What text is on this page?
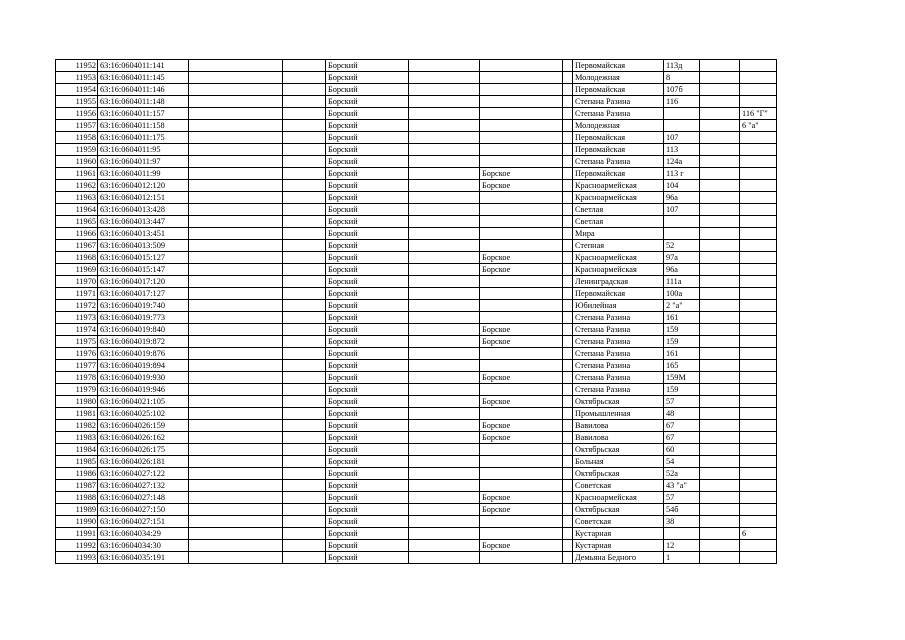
11952	63:16:0604011:141			Борский				Первомайская	113д		
11953	63:16:0604011:145			Борский				Молодежная	8		
11954	63:16:0604011:146			Борский				Первомайская	107б		
11955	63:16:0604011:148			Борский				Степана Разина	116		
11956	63:16:0604011:157			Борский				Степана Разина			116 "Г"
11957	63:16:0604011:158			Борский				Молодежная			6 "а"
11958	63:16:0604011:175			Борский				Первомайская	107		
11959	63:16:0604011:95			Борский				Первомайская	113		
11960	63:16:0604011:97			Борский				Степана Разина	124а		
11961	63:16:0604011:99			Борский		Борское		Первомайская	113 г		
11962	63:16:0604012:120			Борский		Борское		Красноармейская	104		
11963	63:16:0604012:151			Борский				Красноармейская	96а		
11964	63:16:0604013:428			Борский				Светлая	107		
11965	63:16:0604013:447			Борский				Светлая			
11966	63:16:0604013:451			Борский				Мира			
11967	63:16:0604013:509			Борский				Степная	52		
11968	63:16:0604015:127			Борский		Борское		Красноармейская	97а		
11969	63:16:0604015:147			Борский		Борское		Красноармейская	96а		
11970	63:16:0604017:120			Борский				Ленинградская	111а		
11971	63:16:0604017:127			Борский				Первомайская	100а		
11972	63:16:0604019:740			Борский				Юбилейная	2 "а"		
11973	63:16:0604019:773			Борский				Степана Разина	161		
11974	63:16:0604019:840			Борский		Борское		Степана Разина	159		
11975	63:16:0604019:872			Борский		Борское		Степана Разина	159		
11976	63:16:0604019:876			Борский				Степана Разина	161		
11977	63:16:0604019:894			Борский				Степана Разина	165		
11978	63:16:0604019:930			Борский		Борское		Степана Разина	159М		
11979	63:16:0604019:946			Борский				Степана Разина	159		
11980	63:16:0604021:105			Борский		Борское		Октябрьская	57		
11981	63:16:0604025:102			Борский				Промышленная	48		
11982	63:16:0604026:159			Борский		Борское		Вавилова	67		
11983	63:16:0604026:162			Борский		Борское		Вавилова	67		
11984	63:16:0604026:175			Борский				Октябрьская	60		
11985	63:16:0604026:181			Борский				Больная	54		
11986	63:16:0604027:122			Борский				Октябрьская	52а		
11987	63:16:0604027:132			Борский				Советская	43 "а"		
11988	63:16:0604027:148			Борский		Борское		Красноармейская	57		
11989	63:16:0604027:150			Борский		Борское		Октябрьская	54б		
11990	63:16:0604027:151			Борский				Советская	38		
11991	63:16:0604034:29			Борский				Кустарная			6
11992	63:16:0604034:30			Борский		Борское		Кустарная	12		
11993	63:16:0604035:191			Борский				Демьяна Бедного	1		
